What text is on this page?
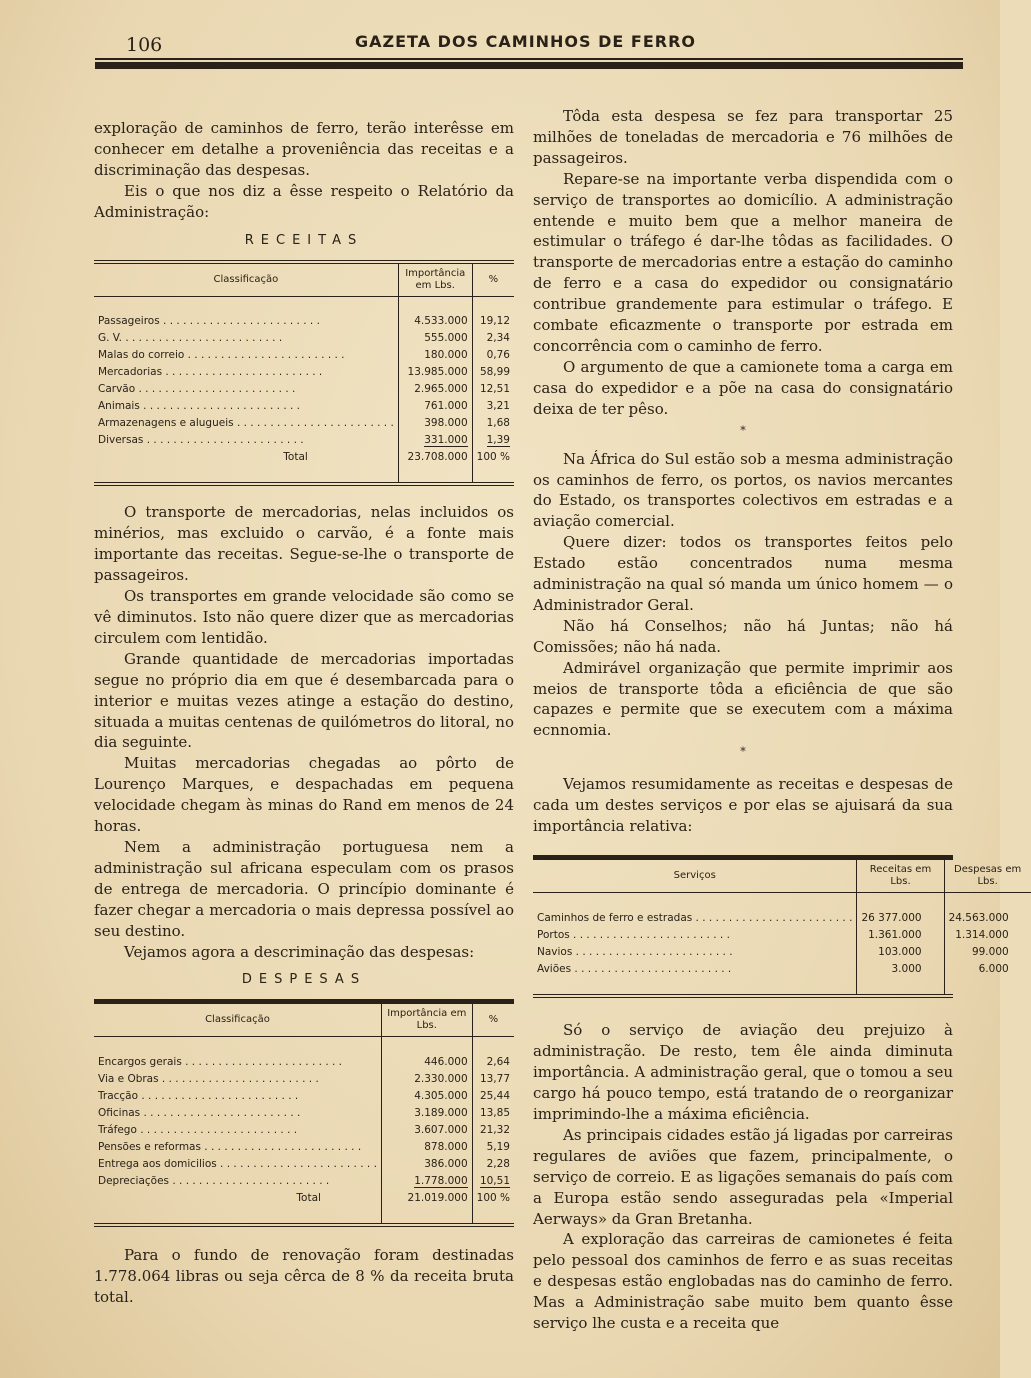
106	GAZETA DOS CAMINHOS DE FERRO

exploração de caminhos de ferro, terão interêsse em conhecer em detalhe a proveniência das receitas e a discriminação das despesas.

Eis o que nos diz a êsse respeito o Relatório da Administração:

RECEITAS
Classificação	Importância em Lbs.	%

Passageiros . . .	4.533.000	19,12
G. V. . . .	555.000	2,34
Malas do correio . . .	180.000	0,76
Mercadorias . . .	13.985.000	58,99
Carvão . . .	2.965.000	12,51
Animais . . .	761.000	3,21
Armazenagens e alugueis . . .	398.000	1,68
Diversas . . .	331.000	1,39
Total	23.708.000	100 %

O transporte de mercadorias, nelas incluidos os minérios, mas excluido o carvão, é a fonte mais importante das receitas. Segue-se-lhe o transporte de passageiros.

Os transportes em grande velocidade são como se vê diminutos. Isto não quere dizer que as mercadorias circulem com lentidão.

Grande quantidade de mercadorias importadas segue no próprio dia em que é desembarcada para o interior e muitas vezes atinge a estação do destino, situada a muitas centenas de quilómetros do litoral, no dia seguinte.

Muitas mercadorias chegadas ao pôrto de Lourenço Marques, e despachadas em pequena velocidade chegam às minas do Rand em menos de 24 horas.

Nem a administração portuguesa nem a administração sul africana especulam com os prasos de entrega de mercadoria. O princípio dominante é fazer chegar a mercadoria o mais depressa possível ao seu destino.

Vejamos agora a descriminação das despesas:

DESPESAS
Classificação	Importância em Lbs.	%

Encargos gerais . . .	446.000	2,64
Via e Obras . . .	2.330.000	13,77
Tracção . . .	4.305.000	25,44
Oficinas . . .	3.189.000	13,85
Tráfego . . .	3.607.000	21,32
Pensões e reformas . . .	878.000	5,19
Entrega aos domicilios . . .	386.000	2,28
Depreciações . . .	1.778.000	10,51
Total	21.019.000	100 %

Para o fundo de renovação foram destinadas 1.778.064 libras ou seja cêrca de 8 % da receita bruta total.

Tôda esta despesa se fez para transportar 25 milhões de toneladas de mercadoria e 76 milhões de passageiros.

Repare-se na importante verba dispendida com o serviço de transportes ao domicílio. A administração entende e muito bem que a melhor maneira de estimular o tráfego é dar-lhe tôdas as facilidades. O transporte de mercadorias entre a estação do caminho de ferro e a casa do expedidor ou consignatário contribue grandemente para estimular o tráfego. E combate eficazmente o transporte por estrada em concorrência com o caminho de ferro.

O argumento de que a camionete toma a carga em casa do expedidor e a põe na casa do consignatário deixa de ter pêso.

*

Na África do Sul estão sob a mesma administração os caminhos de ferro, os portos, os navios mercantes do Estado, os transportes colectivos em estradas e a aviação comercial.

Quere dizer: todos os transportes feitos pelo Estado estão concentrados numa mesma administração na qual só manda um único homem — o Administrador Geral.

Não há Conselhos; não há Juntas; não há Comissões; não há nada.

Admirável organização que permite imprimir aos meios de transporte tôda a eficiência de que são capazes e permite que se executem com a máxima ecnnomia.

*

Vejamos resumidamente as receitas e despesas de cada um destes serviços e por elas se ajuisará da sua importância relativa:

Serviços	Receitas em Lbs.	Despesas em Lbs.

Caminhos de ferro e estradas . . .	26 377.000	24.563.000
Portos . . .	1.361.000	1.314.000
Navios . . .	103.000	99.000
Aviões . . .	3.000	6.000

Só o serviço de aviação deu prejuizo à administração. De resto, tem êle ainda diminuta importância. A administração geral, que o tomou a seu cargo há pouco tempo, está tratando de o reorganizar imprimindo-lhe a máxima eficiência.

As principais cidades estão já ligadas por carreiras regulares de aviões que fazem, principalmente, o serviço de correio. E as ligações semanais do país com a Europa estão sendo asseguradas pela «Imperial Aerways» da Gran Bretanha.

A exploração das carreiras de camionetes é feita pelo pessoal dos caminhos de ferro e as suas receitas e despesas estão englobadas nas do caminho de ferro. Mas a Administração sabe muito bem quanto êsse serviço lhe custa e a receita que
